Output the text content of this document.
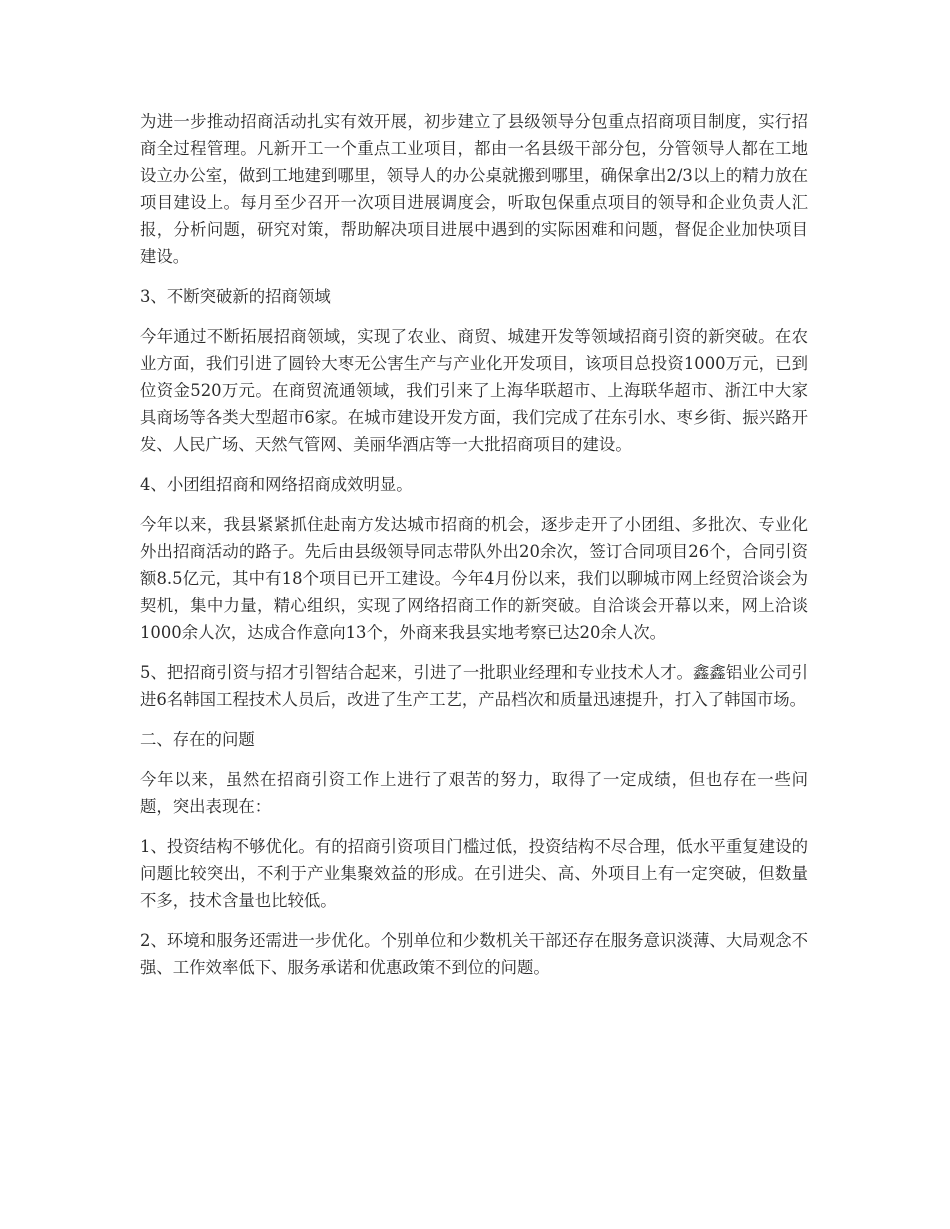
为进一步推动招商活动扎实有效开展，初步建立了县级领导分包重点招商项目制度，实行招商全过程管理。凡新开工一个重点工业项目，都由一名县级干部分包，分管领导人都在工地设立办公室，做到工地建到哪里，领导人的办公桌就搬到哪里，确保拿出2/3以上的精力放在项目建设上。每月至少召开一次项目进展调度会，听取包保重点项目的领导和企业负责人汇报，分析问题，研究对策，帮助解决项目进展中遇到的实际困难和问题，督促企业加快项目建设。

3、不断突破新的招商领域

今年通过不断拓展招商领域，实现了农业、商贸、城建开发等领域招商引资的新突破。在农业方面，我们引进了圆铃大枣无公害生产与产业化开发项目，该项目总投资1000万元，已到位资金520万元。在商贸流通领域，我们引来了上海华联超市、上海联华超市、浙江中大家具商场等各类大型超市6家。在城市建设开发方面，我们完成了茌东引水、枣乡街、振兴路开发、人民广场、天然气管网、美丽华酒店等一大批招商项目的建设。

4、小团组招商和网络招商成效明显。

今年以来，我县紧紧抓住赴南方发达城市招商的机会，逐步走开了小团组、多批次、专业化外出招商活动的路子。先后由县级领导同志带队外出20余次，签订合同项目26个，合同引资额8.5亿元，其中有18个项目已开工建设。今年4月份以来，我们以聊城市网上经贸洽谈会为契机，集中力量，精心组织，实现了网络招商工作的新突破。自洽谈会开幕以来，网上洽谈1000余人次，达成合作意向13个，外商来我县实地考察已达20余人次。

5、把招商引资与招才引智结合起来，引进了一批职业经理和专业技术人才。鑫鑫铝业公司引进6名韩国工程技术人员后，改进了生产工艺，产品档次和质量迅速提升，打入了韩国市场。

二、存在的问题

今年以来，虽然在招商引资工作上进行了艰苦的努力，取得了一定成绩，但也存在一些问题，突出表现在：

1、投资结构不够优化。有的招商引资项目门槛过低，投资结构不尽合理，低水平重复建设的问题比较突出，不利于产业集聚效益的形成。在引进尖、高、外项目上有一定突破，但数量不多，技术含量也比较低。

2、环境和服务还需进一步优化。个别单位和少数机关干部还存在服务意识淡薄、大局观念不强、工作效率低下、服务承诺和优惠政策不到位的问题。
